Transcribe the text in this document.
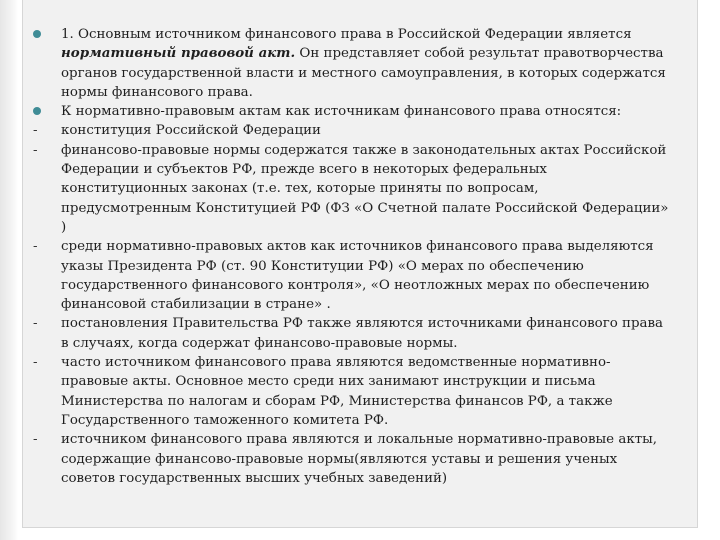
1. Основным источником финансового права в Российской Федерации является нормативный правовой акт. Он представляет собой результат правотворчества органов государственной власти и местного самоуправления, в которых содержатся нормы финансового права.
К нормативно-правовым актам как источникам финансового права относятся:
- конституция Российской Федерации
- финансово-правовые нормы содержатся также в законодательных актах Российской Федерации и субъектов РФ, прежде всего в некоторых федеральных конституционных законах (т.е. тех, которые приняты по вопросам, предусмотренным Конституцией РФ (ФЗ «О Счетной палате Российской Федерации» )
- среди нормативно-правовых актов как источников финансового права выделяются указы Президента РФ (ст. 90 Конституции РФ) «О мерах по обеспечению государственного финансового контроля», «О неотложных мерах по обеспечению финансовой стабилизации в стране» .
- постановления Правительства РФ также являются источниками финансового права в случаях, когда содержат финансово-правовые нормы.
- часто источником финансового права являются ведомственные нормативно-правовые акты. Основное место среди них занимают инструкции и письма Министерства по налогам и сборам РФ, Министерства финансов РФ, а также Государственного таможенного комитета РФ.
- источником финансового права являются и локальные нормативно-правовые акты, содержащие финансово-правовые нормы(являются уставы и решения ученых советов государственных высших учебных заведений)
